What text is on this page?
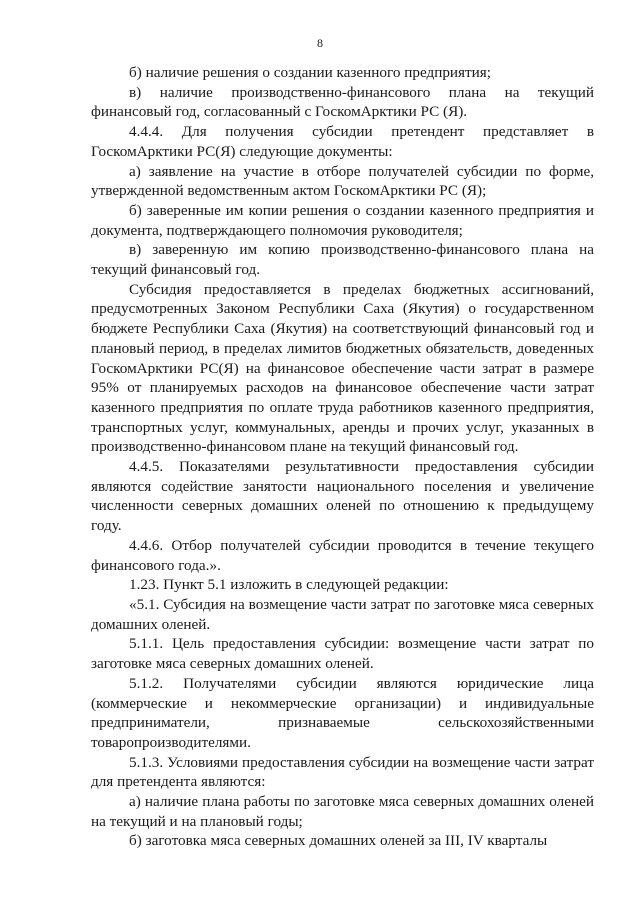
8

б) наличие решения о создании казенного предприятия;

в) наличие производственно-финансового плана на текущий финансовый год, согласованный с ГоскомАрктики РС (Я).

4.4.4. Для получения субсидии претендент представляет в ГоскомАрктики РС(Я) следующие документы:

а) заявление на участие в отборе получателей субсидии по форме, утвержденной ведомственным актом ГоскомАрктики РС (Я);

б) заверенные им копии решения о создании казенного предприятия и документа, подтверждающего полномочия руководителя;

в) заверенную им копию производственно-финансового плана на текущий финансовый год.

Субсидия предоставляется в пределах бюджетных ассигнований, предусмотренных Законом Республики Саха (Якутия) о государственном бюджете Республики Саха (Якутия) на соответствующий финансовый год и плановый период, в пределах лимитов бюджетных обязательств, доведенных ГоскомАрктики РС(Я) на финансовое обеспечение части затрат в размере 95% от планируемых расходов на финансовое обеспечение части затрат казенного предприятия по оплате труда работников казенного предприятия, транспортных услуг, коммунальных, аренды и прочих услуг, указанных в производственно-финансовом плане на текущий финансовый год.

4.4.5. Показателями результативности предоставления субсидии являются содействие занятости национального поселения и увеличение численности северных домашних оленей по отношению к предыдущему году.

4.4.6. Отбор получателей субсидии проводится в течение текущего финансового года.».

1.23. Пункт 5.1 изложить в следующей редакции:

«5.1. Субсидия на возмещение части затрат по заготовке мяса северных домашних оленей.

5.1.1. Цель предоставления субсидии: возмещение части затрат по заготовке мяса северных домашних оленей.

5.1.2. Получателями субсидии являются юридические лица (коммерческие и некоммерческие организации) и индивидуальные предприниматели, признаваемые сельскохозяйственными товаропроизводителями.

5.1.3. Условиями предоставления субсидии на возмещение части затрат для претендента являются:

а) наличие плана работы по заготовке мяса северных домашних оленей на текущий и на плановый годы;

б) заготовка мяса северных домашних оленей за III, IV кварталы
